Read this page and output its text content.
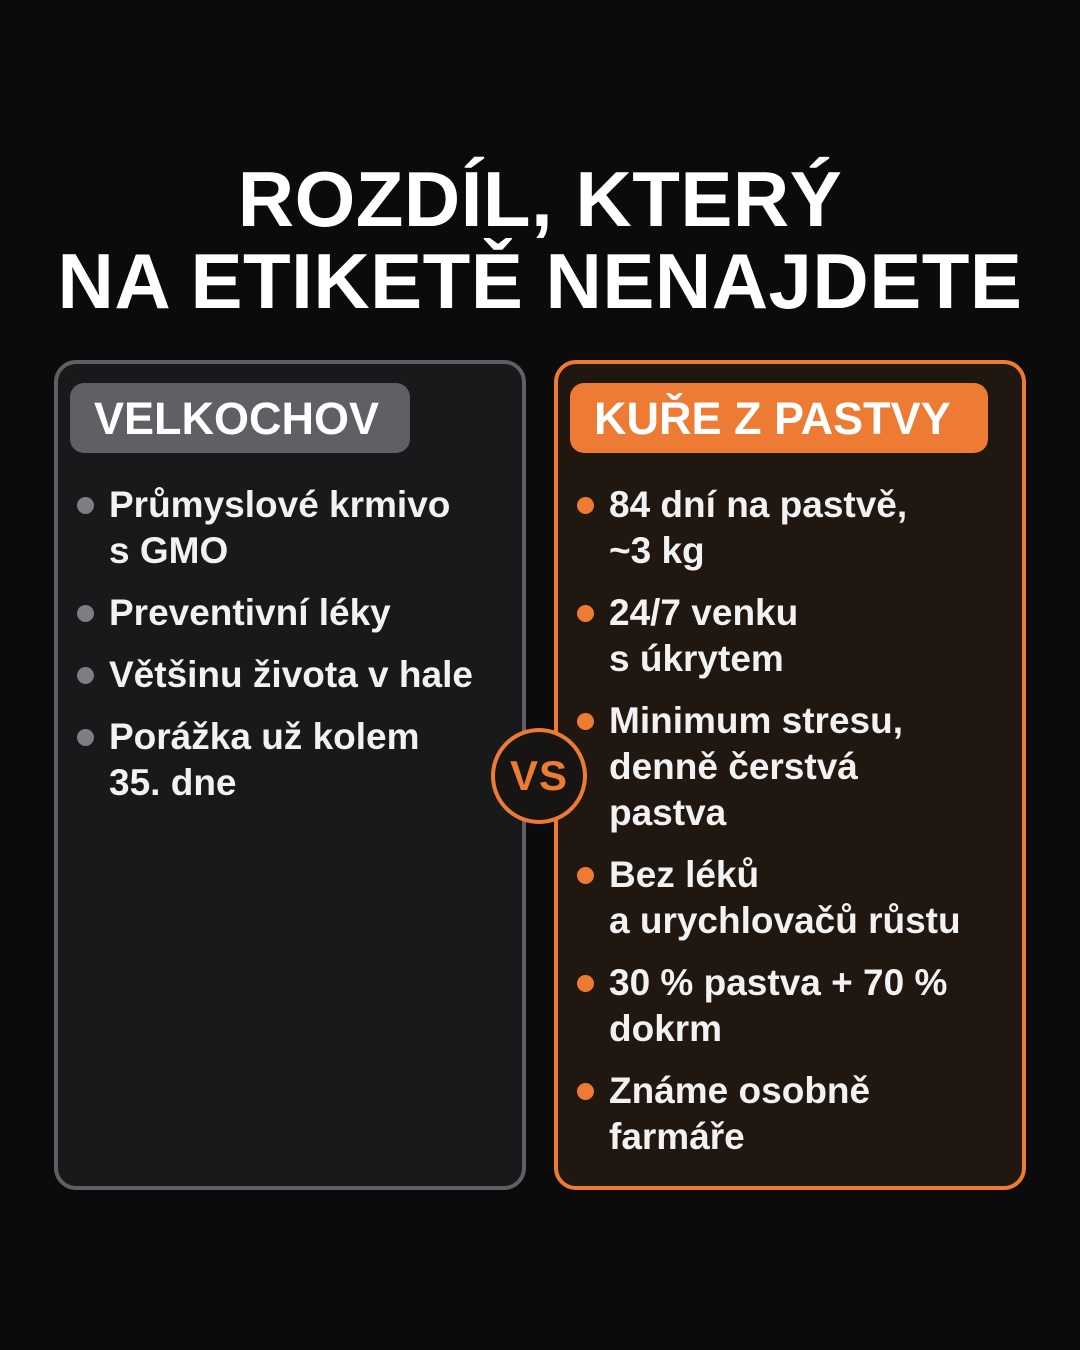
ROZDÍL, KTERÝ
NA ETIKETĚ NENAJDETE
VELKOCHOV
Průmyslové krmivo
s GMO
Preventivní léky
Většinu života v hale
Porážka už kolem
35. dne
KUŘE Z PASTVY
84 dní na pastvě,
~3 kg
24/7 venku
s úkrytem
Minimum stresu,
denně čerstvá
pastva
Bez léků
a urychlovačů růstu
30 % pastva + 70 %
dokrm
Známe osobně
farmáře
VS
